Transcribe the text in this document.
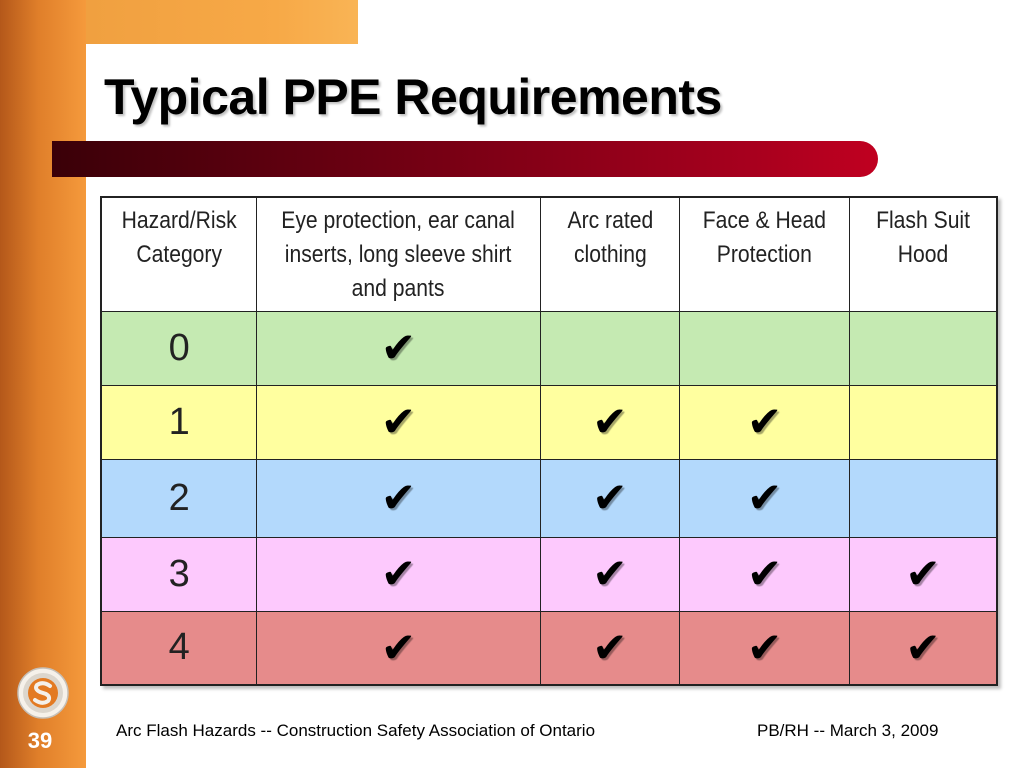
Typical PPE Requirements
Hazard/Risk Category	Eye protection, ear canal inserts, long sleeve shirt and pants	Arc rated clothing	Face & Head Protection	Flash Suit Hood
0	✔			
1	✔	✔	✔	
2	✔	✔	✔	
3	✔	✔	✔	✔
4	✔	✔	✔	✔
39	Arc Flash Hazards -- Construction Safety Association of Ontario	PB/RH -- March 3, 2009
